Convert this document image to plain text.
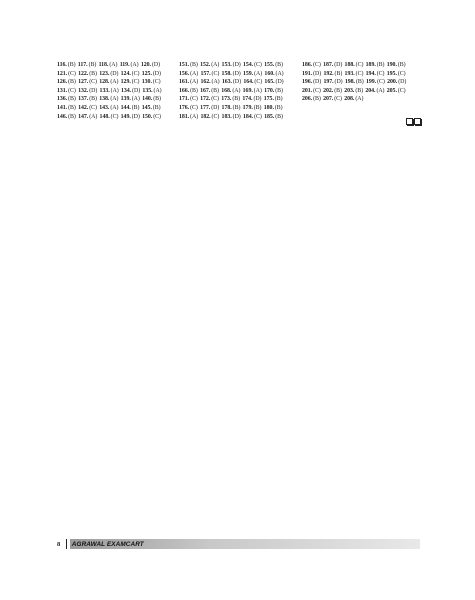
116.(B) 117.(B) 118.(A) 119.(A) 120.(D)
121.(C) 122.(B) 123.(D) 124.(C) 125.(D)
126.(B) 127.(C) 128.(A) 129.(C) 130.(C)
131.(C) 132.(D) 133.(A) 134.(D) 135.(A)
136.(B) 137.(B) 138.(A) 139.(A) 140.(B)
141.(B) 142.(C) 143.(A) 144.(B) 145.(B)
146.(B) 147.(A) 148.(C) 149.(D) 150.(C)
151.(B) 152.(A) 153.(D) 154.(C) 155.(B)
156.(A) 157.(C) 158.(D) 159.(A) 160.(A)
161.(A) 162.(A) 163.(D) 164.(C) 165.(D)
166.(B) 167.(B) 168.(A) 169.(A) 170.(B)
171.(C) 172.(C) 173.(B) 174.(D) 175.(B)
176.(C) 177.(D) 178.(B) 179.(B) 180.(B)
181.(A) 182.(C) 183.(D) 184.(C) 185.(B)
186.(C) 187.(D) 188.(C) 189.(B) 190.(B)
191.(D) 192.(B) 193.(C) 194.(C) 195.(C)
196.(D) 197.(D) 198.(B) 199.(C) 200.(D)
201.(C) 202.(B) 203.(B) 204.(A) 205.(C)
206.(B) 207.(C) 208.(A)
8	AGRAWAL EXAMCART
